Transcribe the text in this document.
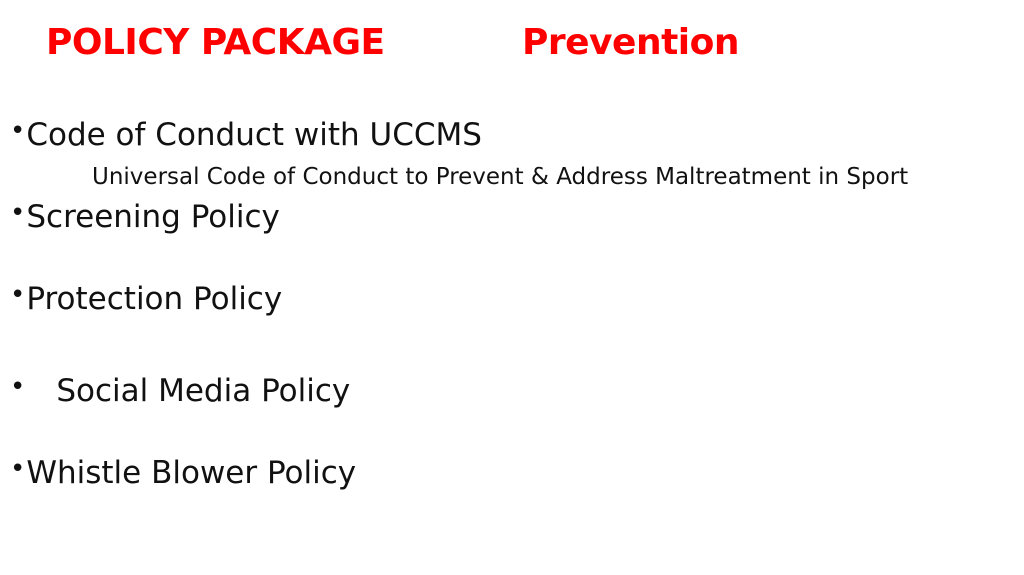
POLICY PACKAGE	Prevention
•Code of Conduct with UCCMS
Universal Code of Conduct to Prevent & Address Maltreatment in Sport
•Screening Policy
•Protection Policy
• Social Media Policy
•Whistle Blower Policy
